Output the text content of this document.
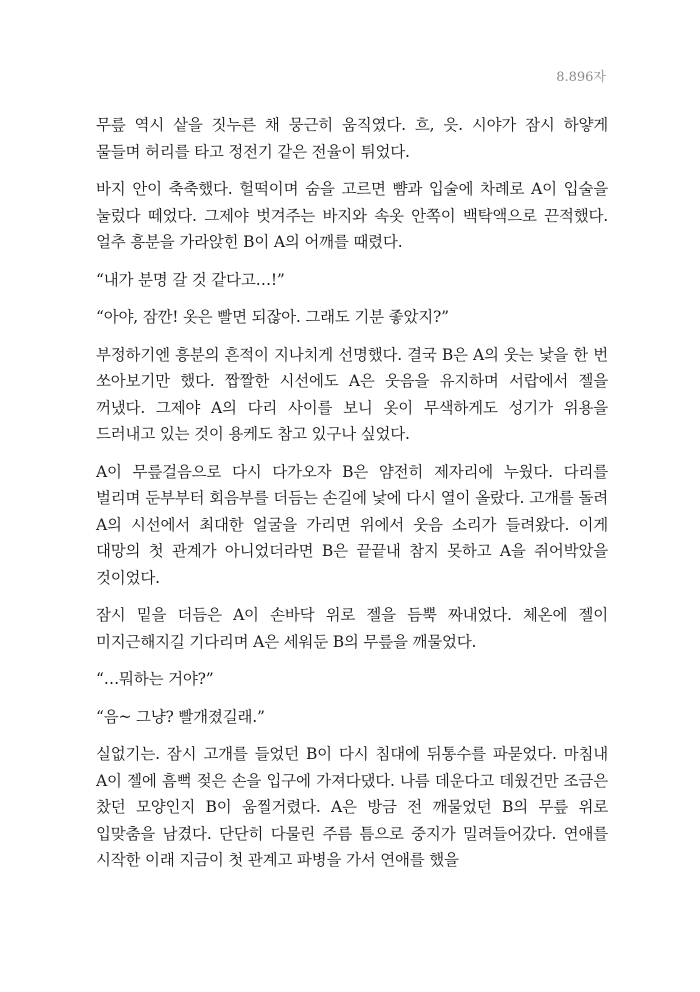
8.896자

무릎 역시 샅을 짓누른 채 뭉근히 움직였다. 흐, 읏. 시야가 잠시 하얗게 물들며 허리를 타고 정전기 같은 전율이 튀었다.

바지 안이 축축했다. 헐떡이며 숨을 고르면 뺨과 입술에 차례로 A이 입술을 눌렀다 떼었다. 그제야 벗겨주는 바지와 속옷 안쪽이 백탁액으로 끈적했다. 얼추 흥분을 가라앉힌 B이 A의 어깨를 때렸다.

“내가 분명 갈 것 같다고…!”

“아야, 잠깐! 옷은 빨면 되잖아. 그래도 기분 좋았지?”

부정하기엔 흥분의 흔적이 지나치게 선명했다. 결국 B은 A의 웃는 낯을 한 번 쏘아보기만 했다. 짭짤한 시선에도 A은 웃음을 유지하며 서랍에서 젤을 꺼냈다. 그제야 A의 다리 사이를 보니 옷이 무색하게도 성기가 위용을 드러내고 있는 것이 용케도 참고 있구나 싶었다.

A이 무릎걸음으로 다시 다가오자 B은 얌전히 제자리에 누웠다. 다리를 벌리며 둔부부터 회음부를 더듬는 손길에 낯에 다시 열이 올랐다. 고개를 돌려 A의 시선에서 최대한 얼굴을 가리면 위에서 웃음 소리가 들려왔다. 이게 대망의 첫 관계가 아니었더라면 B은 끝끝내 참지 못하고 A을 쥐어박았을 것이었다.

잠시 밑을 더듬은 A이 손바닥 위로 젤을 듬뿍 짜내었다. 체온에 젤이 미지근해지길 기다리며 A은 세워둔 B의 무릎을 깨물었다.

“…뭐하는 거야?”

“음~ 그냥? 빨개졌길래.”

실없기는. 잠시 고개를 들었던 B이 다시 침대에 뒤통수를 파묻었다. 마침내 A이 젤에 흠뻑 젖은 손을 입구에 가져다댔다. 나름 데운다고 데웠건만 조금은 찼던 모양인지 B이 움찔거렸다. A은 방금 전 깨물었던 B의 무릎 위로 입맞춤을 남겼다. 단단히 다물린 주름 틈으로 중지가 밀려들어갔다. 연애를 시작한 이래 지금이 첫 관계고 파병을 가서 연애를 했을
